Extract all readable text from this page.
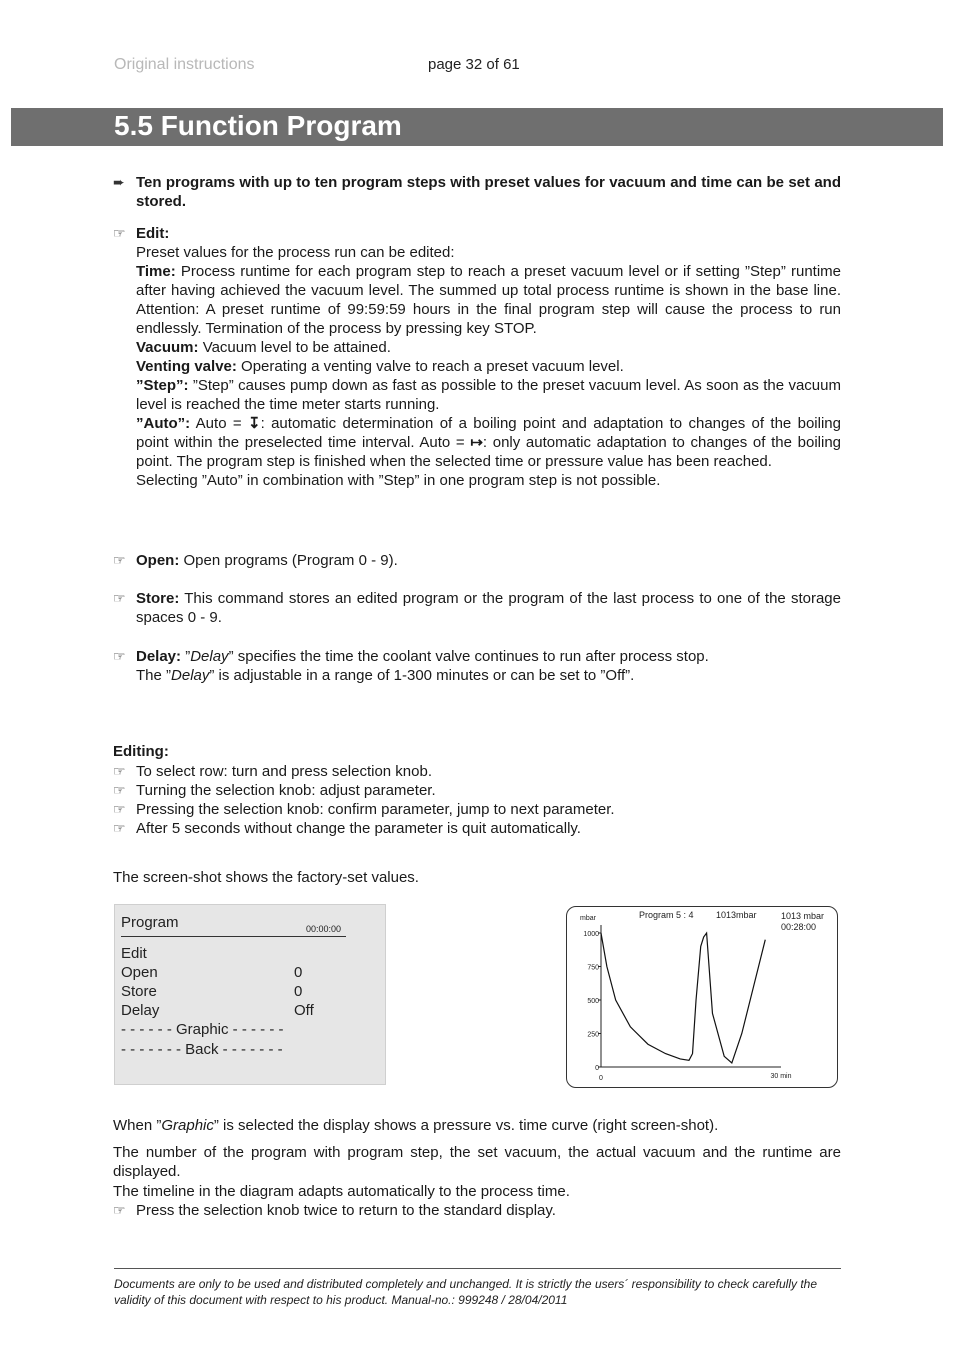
Original instructions	page 32 of 61
5.5 Function Program
➨ Ten programs with up to ten program steps with preset values for vacuum and time can be set and stored.
☞ Edit:
Preset values for the process run can be edited:
Time: Process runtime for each program step to reach a preset vacuum level or if setting ”Step” runtime after having achieved the vacuum level. The summed up total process runtime is shown in the base line. Attention: A preset runtime of 99:59:59 hours in the final program step will cause the process to run endlessly. Termination of the process by pressing key STOP.
Vacuum: Vacuum level to be attained.
Venting valve: Operating a venting valve to reach a preset vacuum level.
”Step”: ”Step” causes pump down as fast as possible to the preset vacuum level. As soon as the vacuum level is reached the time meter starts running.
”Auto”: Auto = ↧: automatic determination of a boiling point and adaptation to changes of the boiling point within the preselected time interval. Auto = ↦: only automatic adaptation to changes of the boiling point. The program step is finished when the selected time or pressure value has been reached.
Selecting ”Auto” in combination with ”Step” in one program step is not possible.
☞ Open: Open programs (Program 0 - 9).
☞ Store: This command stores an edited program or the program of the last process to one of the storage spaces 0 - 9.
☞ Delay: ”Delay” specifies the time the coolant valve continues to run after process stop.
The ”Delay” is adjustable in a range of 1-300 minutes or can be set to ”Off”.
Editing:
☞ To select row: turn and press selection knob.
☞ Turning the selection knob: adjust parameter.
☞ Pressing the selection knob: confirm parameter, jump to next parameter.
☞ After 5 seconds without change the parameter is quit automatically.
The screen-shot shows the factory-set values.
Program	00:00:00
Edit
Open	0
Store	0
Delay	Off
- - - - - - Graphic - - - - - -
- - - - - - - Back - - - - - - -
Program 5 : 4 1013mbar	1013 mbar
00:28:00
mbar
1000
750
500
250
0
0	30 min
When ”Graphic” is selected the display shows a pressure vs. time curve (right screen-shot).
The number of the program with program step, the set vacuum, the actual vacuum and the runtime are displayed.
The timeline in the diagram adapts automatically to the process time.
☞ Press the selection knob twice to return to the standard display.
Documents are only to be used and distributed completely and unchanged. It is strictly the users´ responsibility to check carefully the validity of this document with respect to his product. Manual-no.: 999248 / 28/04/2011
